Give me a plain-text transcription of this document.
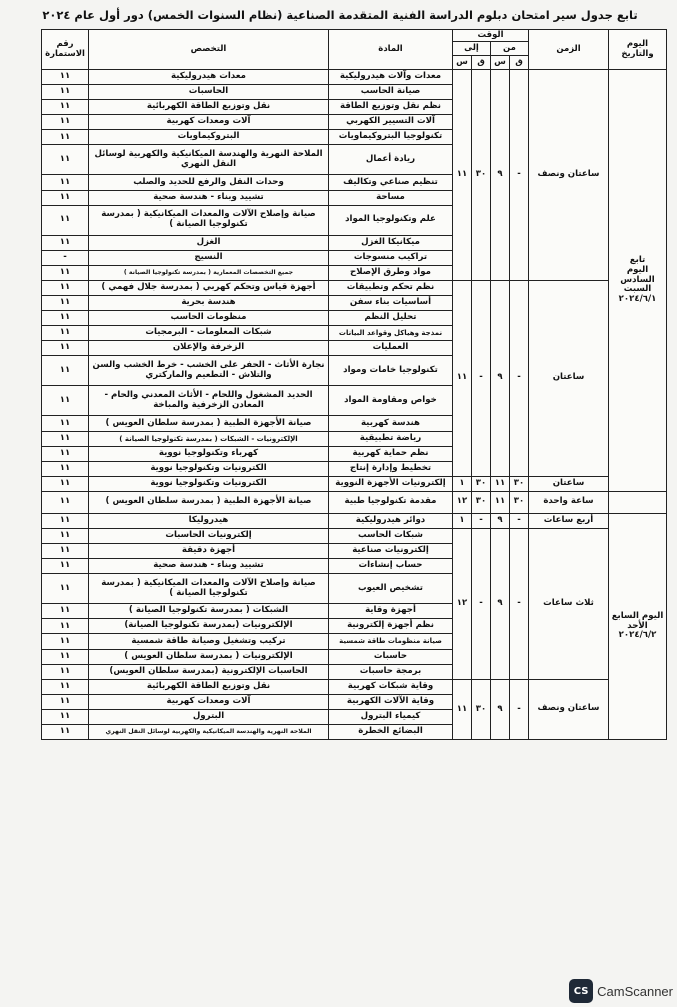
تابع جدول سير امتحان دبلوم الدراسة الفنية المتقدمة الصناعية (نظام السنوات الخمس) دور أول عام ٢٠٢٤
اليوم والتاريخ	الزمن	الوقت				المادة	التخصص	رقم الاستمارة
		من		إلى				
		ق	س	ق	س			

تابع
اليوم السادس
السبت
٢٠٢٤/٦/١	ساعتان ونصف	-	٩	٣٠	١١	معدات وآلات هيدروليكية	معدات هيدروليكية	١١
						صيانة الحاسب	الحاسبات	١١
						نظم نقل وتوزيع الطاقة	نقل وتوزيع الطاقة الكهربائية	١١
						آلات التسيير الكهربي	آلات ومعدات كهربية	١١
						تكنولوجيا البتروكيماويات	البتروكيماويات	١١
						ريادة أعمال	الملاحة النهرية والهندسة الميكانيكية والكهربية لوسائل النقل النهري	١١
						تنظيم صناعي وتكاليف	وحدات النقل والرفع للحديد والصلب	١١
						مساحة	تشييد وبناء - هندسة صحية	١١
						علم وتكنولوجيا المواد	صيانة وإصلاح الآلات والمعدات الميكانيكية ( بمدرسة تكنولوجيا الصيانة )	١١
						ميكانيكا الغزل	الغزل	١١
						تراكيب منسوجات	النسيج	-
						مواد وطرق الإصلاح	جميع التخصصات المعمارية ( بمدرسة تكنولوجيا الصيانة )	١١
	ساعتان	-	٩	-	١١	نظم تحكم وتطبيقات	أجهزة قياس وتحكم كهربي ( بمدرسة جلال فهمي )	١١
						أساسيات بناء سفن	هندسة بحرية	١١
						تحليل النظم	منظومات الحاسب	١١
						نمذجة وهياكل وقواعد البيانات	شبكات المعلومات - البرمجيات	١١
						العمليات	الزخرفة والإعلان	١١
						تكنولوجيا خامات ومواد	نجارة الأثاث - الحفر على الخشب - خرط الخشب والسن والتلاش - التطعيم والماركتري	١١
						خواص ومقاومة المواد	الحديد المشغول واللحام - الأثاث المعدني والحام - المعادن الزخرفية والمباخة	١١
						هندسة كهربية	صيانة الأجهزة الطبية ( بمدرسة سلطان العويس )	١١
						رياضة تطبيقية	الإلكترونيات - الشبكات ( بمدرسة تكنولوجيا الصيانة )	١١
						نظم حماية كهربية	كهرباء وتكنولوجيا نووية	١١
						تخطيط وإدارة إنتاج	الكترونيات وتكنولوجيا نووية	١١
	ساعتان	٣٠	١١	٣٠	١	إلكترونيات الأجهزة النووية	الكترونيات وتكنولوجيا نووية	١١
	ساعة واحدة	٣٠	١١	٣٠	١٢	مقدمة تكنولوجيا طبية	صيانة الأجهزة الطبية ( بمدرسة سلطان العويس )	١١

اليوم السابع
الأحد
٢٠٢٤/٦/٢	أربع ساعات	-	٩	-	١	دوائر هيدروليكية	هيدروليكا	١١
	ثلاث ساعات	-	٩	-	١٢	شبكات الحاسب	إلكترونيات الحاسبات	١١
						إلكترونيات صناعية	أجهزة دقيقة	١١
						حساب إنشاءات	تشييد وبناء - هندسة صحية	١١
						تشخيص العيوب	صيانة وإصلاح الآلات والمعدات الميكانيكية ( بمدرسة تكنولوجيا الصيانة )	١١
						أجهزة وقاية	الشبكات ( بمدرسة تكنولوجيا الصيانة )	١١
						نظم أجهزة إلكترونية	الإلكترونيات (بمدرسة تكنولوجيا الصيانة)	١١
						صيانة منظومات طاقة شمسية	تركيب وتشغيل وصيانة طاقة شمسية	١١
						حاسبات	الإلكترونيات ( بمدرسة سلطان العويس )	١١
						برمجة حاسبات	الحاسبات الإلكترونية (بمدرسة سلطان العويس)	١١
	ساعتان ونصف	-	٩	٣٠	١١	وقاية شبكات كهربية	نقل وتوزيع الطاقة الكهربائية	١١
						وقاية الآلات الكهربية	آلات ومعدات كهربية	١١
						كيمياء البترول	البترول	١١
						البضائع الخطرة	الملاحة النهرية والهندسة الميكانيكية والكهربية لوسائل النقل النهري	١١
CS CamScanner
